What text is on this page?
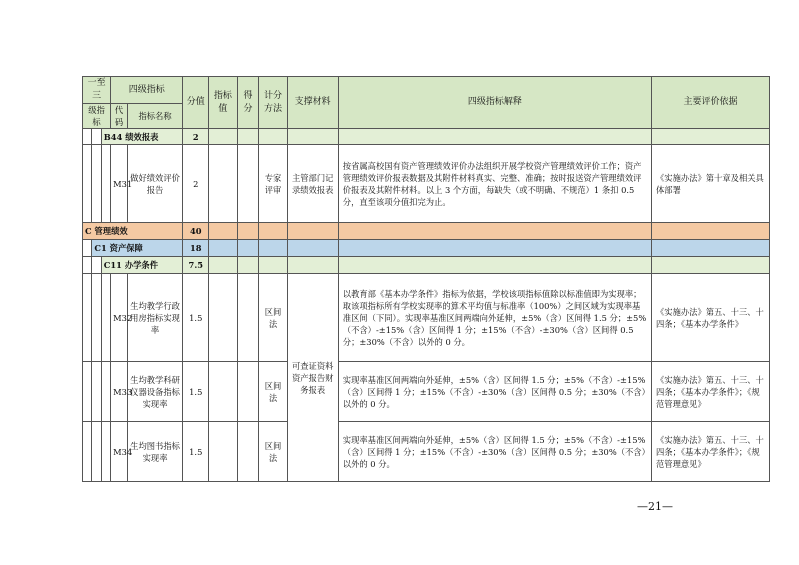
一至三			四级指标		分值	指标值	得分	计分方法	支撑材料	四级指标解释	主要评价依据
级指标			代码	指标名称							
		B44 绩效报表			2						
			M31	做好绩效评价报告	2			专家评审	主管部门记录绩效报表	按省属高校国有资产管理绩效评价办法组织开展学校资产管理绩效评价工作；资产管理绩效评价报表数据及其附件材料真实、完整、准确；按时报送资产管理绩效评价报表及其附件材料。以上 3 个方面，每缺失（或不明确、不规范）1 条扣 0.5 分，直至该项分值扣完为止。	《实施办法》第十章及相关具体部署
C 管理绩效					40						
	C1 资产保障				18						
		C11 办学条件			7.5						
			M32	生均教学行政用房指标实现率	1.5			区间法	可查证资料资产报告财务报表	以教育部《基本办学条件》指标为依据，学校该项指标值除以标准值即为实现率；取该项指标所有学校实现率的算术平均值与标准率（100%）之间区域为实现率基准区间（下同）。实现率基准区间两端向外延伸，±5%（含）区间得 1.5 分；±5%（不含）-±15%（含）区间得 1 分；±15%（不含）-±30%（含）区间得 0.5 分；±30%（不含）以外的 0 分。	《实施办法》第五、十三、十四条；《基本办学条件》
			M33	生均教学科研仪器设备指标实现率	1.5			区间法		实现率基准区间两端向外延伸，±5%（含）区间得 1.5 分；±5%（不含）-±15%（含）区间得 1 分；±15%（不含）-±30%（含）区间得 0.5 分；±30%（不含）以外的 0 分。	《实施办法》第五、十三、十四条；《基本办学条件》；《规范管理意见》
			M34	生均图书指标实现率	1.5			区间法		实现率基准区间两端向外延伸，±5%（含）区间得 1.5 分；±5%（不含）-±15%（含）区间得 1 分；±15%（不含）-±30%（含）区间得 0.5 分；±30%（不含）以外的 0 分。	《实施办法》第五、十三、十四条；《基本办学条件》；《规范管理意见》
—21—
